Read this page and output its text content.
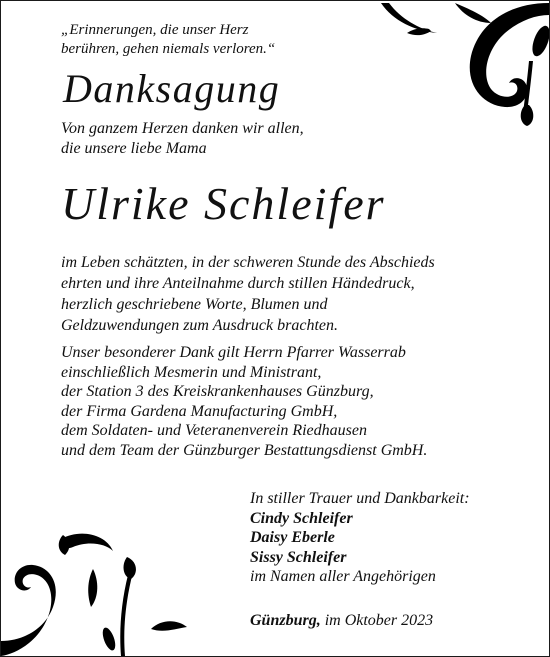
„Erinnerungen, die unser Herz
berühren, gehen niemals verloren.“
Danksagung
Von ganzem Herzen danken wir allen,
die unsere liebe Mama
Ulrike Schleifer
im Leben schätzten, in der schweren Stunde des Abschieds
ehrten und ihre Anteilnahme durch stillen Händedruck,
herzlich geschriebene Worte, Blumen und
Geldzuwendungen zum Ausdruck brachten.
Unser besonderer Dank gilt Herrn Pfarrer Wasserrab
einschließlich Mesmerin und Ministrant,
der Station 3 des Kreiskrankenhauses Günzburg,
der Firma Gardena Manufacturing GmbH,
dem Soldaten- und Veteranenverein Riedhausen
und dem Team der Günzburger Bestattungsdienst GmbH.
In stiller Trauer und Dankbarkeit:
Cindy Schleifer
Daisy Eberle
Sissy Schleifer
im Namen aller Angehörigen
Günzburg, im Oktober 2023
